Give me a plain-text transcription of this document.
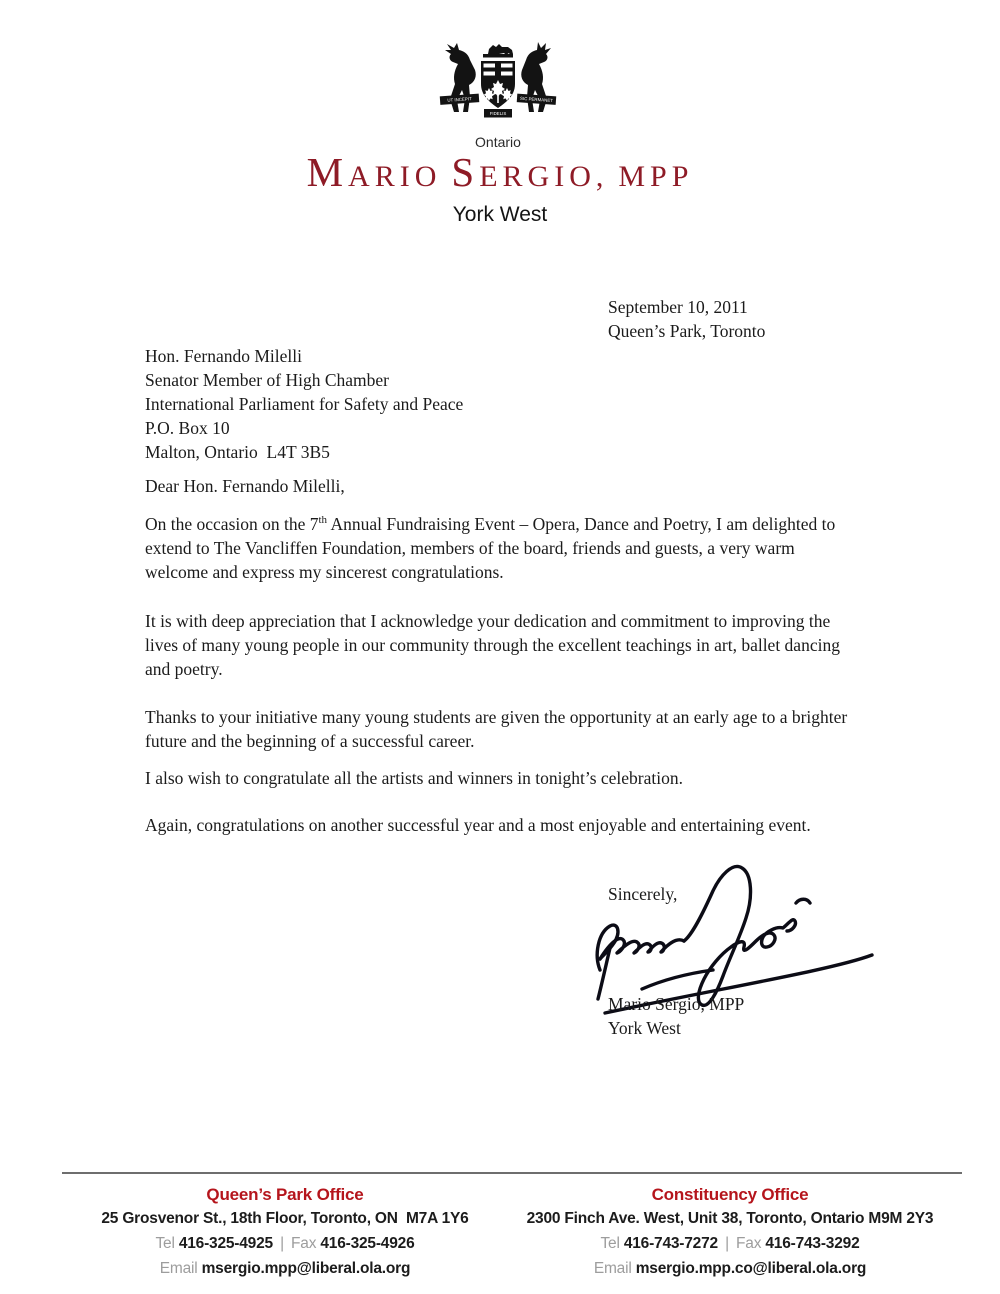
UT INCEPIT	SIC PERMANET
FIDELIS
Ontario
MARIO SERGIO, MPP
York West
September 10, 2011
Queen’s Park, Toronto
Hon. Fernando Milelli
Senator Member of High Chamber
International Parliament for Safety and Peace
P.O. Box 10
Malton, Ontario  L4T 3B5
Dear Hon. Fernando Milelli,
On the occasion on the 7th Annual Fundraising Event – Opera, Dance and Poetry, I am delighted to extend to The Vancliffen Foundation, members of the board, friends and guests, a very warm welcome and express my sincerest congratulations.
It is with deep appreciation that I acknowledge your dedication and commitment to improving the lives of many young people in our community through the excellent teachings in art, ballet dancing and poetry.
Thanks to your initiative many young students are given the opportunity at an early age to a brighter future and the beginning of a successful career.
I also wish to congratulate all the artists and winners in tonight’s celebration.
Again, congratulations on another successful year and a most enjoyable and entertaining event.
Sincerely,
Mario Sergio, MPP
York West
Queen’s Park Office
25 Grosvenor St., 18th Floor, Toronto, ON  M7A 1Y6
Tel 416-325-4925 | Fax 416-325-4926
Email msergio.mpp@liberal.ola.org
Constituency Office
2300 Finch Ave. West, Unit 38, Toronto, Ontario M9M 2Y3
Tel 416-743-7272 | Fax 416-743-3292
Email msergio.mpp.co@liberal.ola.org
